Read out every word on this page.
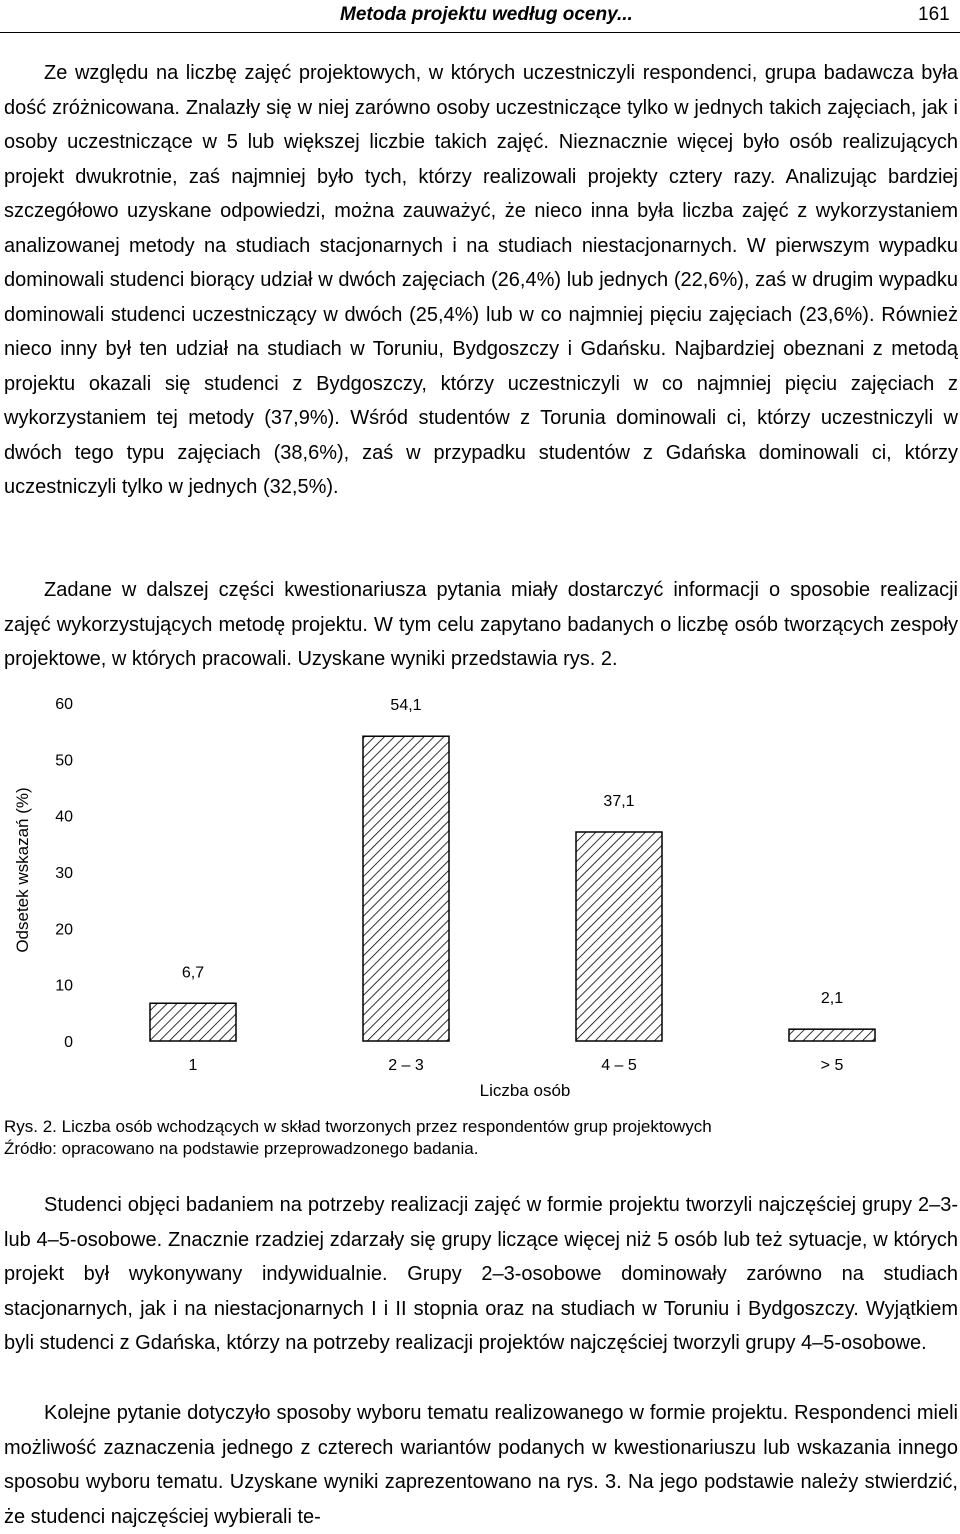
Metoda projektu według oceny...	161

Ze względu na liczbę zajęć projektowych, w których uczestniczyli respondenci, grupa badawcza była dość zróżnicowana. Znalazły się w niej zarówno osoby uczestniczące tylko w jednych takich zajęciach, jak i osoby uczestniczące w 5 lub większej liczbie takich zajęć. Nieznacznie więcej było osób realizujących projekt dwukrotnie, zaś najmniej było tych, którzy realizowali projekty cztery razy. Analizując bardziej szczegółowo uzyskane odpowiedzi, można zauważyć, że nieco inna była liczba zajęć z wykorzystaniem analizowanej metody na studiach stacjonarnych i na studiach niestacjonarnych. W pierwszym wypadku dominowali studenci biorący udział w dwóch zajęciach (26,4%) lub jednych (22,6%), zaś w drugim wypadku dominowali studenci uczestniczący w dwóch (25,4%) lub w co najmniej pięciu zajęciach (23,6%). Również nieco inny był ten udział na studiach w Toruniu, Bydgoszczy i Gdańsku. Najbardziej obeznani z metodą projektu okazali się studenci z Bydgoszczy, którzy uczestniczyli w co najmniej pięciu zajęciach z wykorzystaniem tej metody (37,9%). Wśród studentów z Torunia dominowali ci, którzy uczestniczyli w dwóch tego typu zajęciach (38,6%), zaś w przypadku studentów z Gdańska dominowali ci, którzy uczestniczyli tylko w jednych (32,5%).

Zadane w dalszej części kwestionariusza pytania miały dostarczyć informacji o sposobie realizacji zajęć wykorzystujących metodę projektu. W tym celu zapytano badanych o liczbę osób tworzących zespoły projektowe, w których pracowali. Uzyskane wyniki przedstawia rys. 2.

0
10
20
30
40
50
60
6,7
54,1
37,1
2,1
1	2 – 3	4 – 5	> 5
Odsetek wskazań (%)
Liczba osób
Rys. 2. Liczba osób wchodzących w skład tworzonych przez respondentów grup projektowych
Źródło: opracowano na podstawie przeprowadzonego badania.

Studenci objęci badaniem na potrzeby realizacji zajęć w formie projektu tworzyli najczęściej grupy 2–3- lub 4–5-osobowe. Znacznie rzadziej zdarzały się grupy liczące więcej niż 5 osób lub też sytuacje, w których projekt był wykonywany indywidualnie. Grupy 2–3-osobowe dominowały zarówno na studiach stacjonarnych, jak i na niestacjonarnych I i II stopnia oraz na studiach w Toruniu i Bydgoszczy. Wyjątkiem byli studenci z Gdańska, którzy na potrzeby realizacji projektów najczęściej tworzyli grupy 4–5-osobowe.

Kolejne pytanie dotyczyło sposoby wyboru tematu realizowanego w formie projektu. Respondenci mieli możliwość zaznaczenia jednego z czterech wariantów podanych w kwestionariuszu lub wskazania innego sposobu wyboru tematu. Uzyskane wyniki zaprezentowano na rys. 3. Na jego podstawie należy stwierdzić, że studenci najczęściej wybierali te-
